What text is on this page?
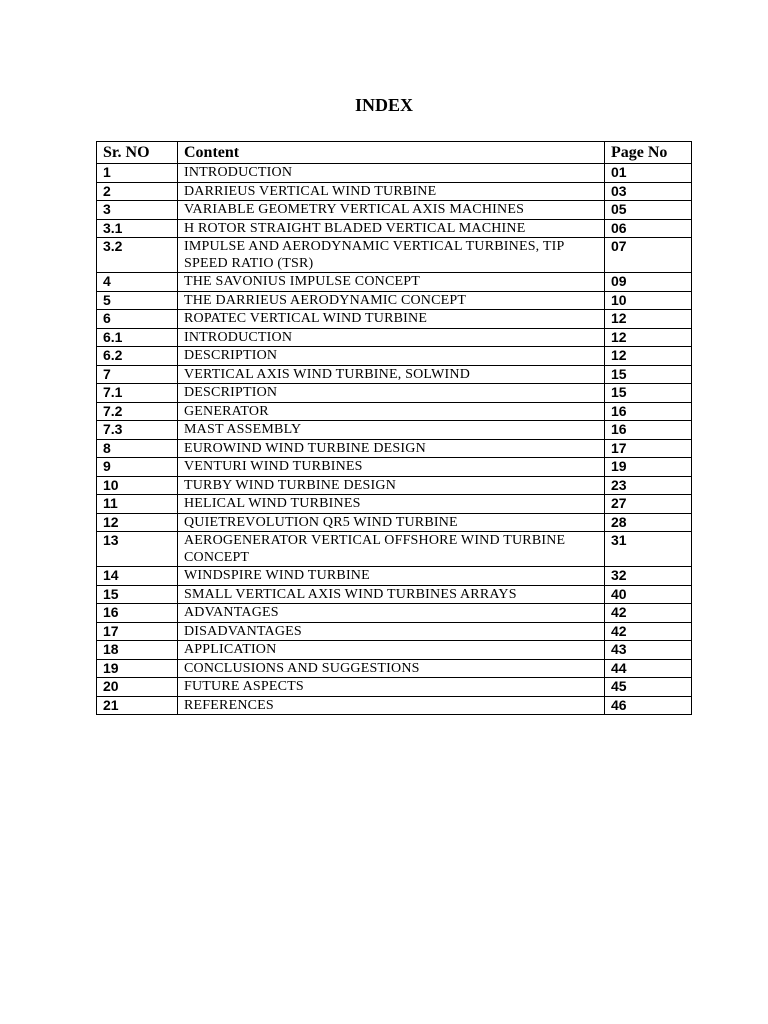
INDEX
Sr. NO	Content	Page No
1	INTRODUCTION	01
2	DARRIEUS VERTICAL WIND TURBINE	03
3	VARIABLE GEOMETRY VERTICAL AXIS MACHINES	05
3.1	H ROTOR STRAIGHT BLADED VERTICAL MACHINE	06
3.2	IMPULSE AND AERODYNAMIC VERTICAL TURBINES, TIP SPEED RATIO (TSR)	07
4	THE SAVONIUS IMPULSE CONCEPT	09
5	THE DARRIEUS AERODYNAMIC CONCEPT	10
6	ROPATEC VERTICAL WIND TURBINE	12
6.1	INTRODUCTION	12
6.2	DESCRIPTION	12
7	VERTICAL AXIS WIND TURBINE, SOLWIND	15
7.1	DESCRIPTION	15
7.2	GENERATOR	16
7.3	MAST ASSEMBLY	16
8	EUROWIND WIND TURBINE DESIGN	17
9	VENTURI WIND TURBINES	19
10	TURBY WIND TURBINE DESIGN	23
11	HELICAL WIND TURBINES	27
12	QUIETREVOLUTION QR5 WIND TURBINE	28
13	AEROGENERATOR VERTICAL OFFSHORE WIND TURBINE CONCEPT	31
14	WINDSPIRE WIND TURBINE	32
15	SMALL VERTICAL AXIS WIND TURBINES ARRAYS	40
16	ADVANTAGES	42
17	DISADVANTAGES	42
18	APPLICATION	43
19	CONCLUSIONS AND SUGGESTIONS	44
20	FUTURE ASPECTS	45
21	REFERENCES	46
